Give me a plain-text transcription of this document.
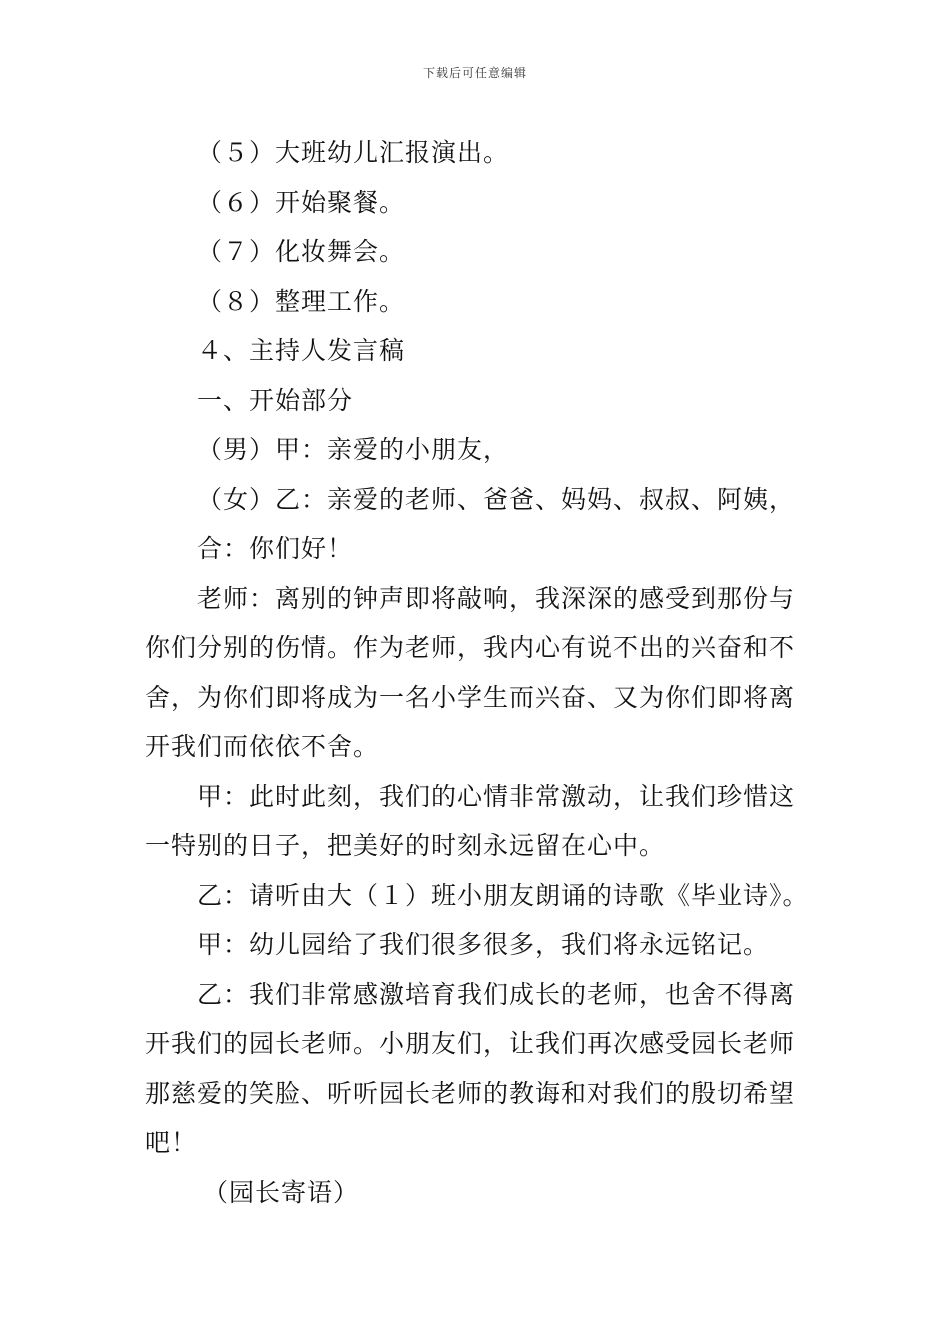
下载后可任意编辑
（５）大班幼儿汇报演出。
（６）开始聚餐。
（７）化妆舞会。
（８）整理工作。
４、主持人发言稿
一、开始部分
（男）甲：亲爱的小朋友，
（女）乙：亲爱的老师、爸爸、妈妈、叔叔、阿姨，
合：你们好！
老师：离别的钟声即将敲响，我深深的感受到那份与
你们分别的伤情。作为老师，我内心有说不出的兴奋和不
舍，为你们即将成为一名小学生而兴奋、又为你们即将离
开我们而依依不舍。
甲：此时此刻，我们的心情非常激动，让我们珍惜这
一特别的日子，把美好的时刻永远留在心中。
乙：请听由大（１）班小朋友朗诵的诗歌《毕业诗》。
甲：幼儿园给了我们很多很多，我们将永远铭记。
乙：我们非常感激培育我们成长的老师，也舍不得离
开我们的园长老师。小朋友们，让我们再次感受园长老师
那慈爱的笑脸、听听园长老师的教诲和对我们的殷切希望
吧！
（园长寄语）
